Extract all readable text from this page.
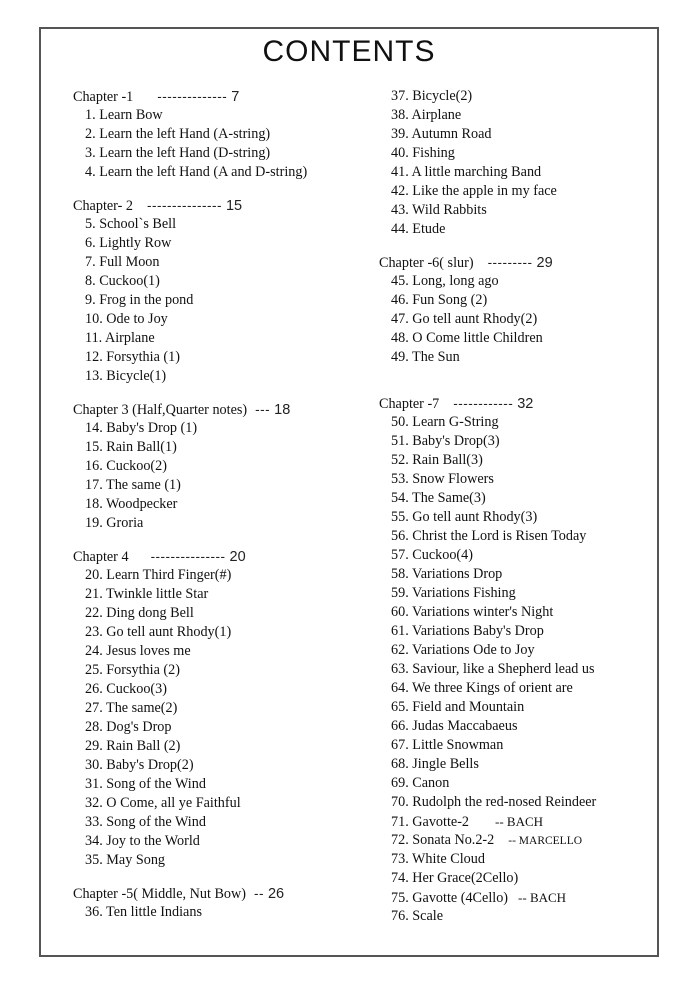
CONTENTS
Chapter -1 -------------- 7
1. Learn Bow
2. Learn the left Hand (A-string)
3. Learn the left Hand (D-string)
4. Learn the left Hand (A and D-string)
Chapter- 2 --------------- 15
5. School`s Bell
6. Lightly Row
7. Full Moon
8. Cuckoo(1)
9. Frog in the pond
10. Ode to Joy
11. Airplane
12. Forsythia (1)
13. Bicycle(1)
Chapter 3 (Half,Quarter notes) --- 18
14. Baby's Drop (1)
15. Rain Ball(1)
16. Cuckoo(2)
17. The same (1)
18. Woodpecker
19. Groria
Chapter 4 --------------- 20
20. Learn Third Finger(#)
21. Twinkle little Star
22. Ding dong Bell
23. Go tell aunt Rhody(1)
24. Jesus loves me
25. Forsythia (2)
26. Cuckoo(3)
27. The same(2)
28. Dog's Drop
29. Rain Ball (2)
30. Baby's Drop(2)
31. Song of the Wind
32. O Come, all ye Faithful
33. Song of the Wind
34. Joy to the World
35. May Song
Chapter -5( Middle, Nut Bow) -- 26
36. Ten little Indians
37. Bicycle(2)
38. Airplane
39. Autumn Road
40. Fishing
41. A little marching Band
42. Like the apple in my face
43. Wild Rabbits
44. Etude
Chapter -6( slur) --------- 29
45. Long, long ago
46. Fun Song (2)
47. Go tell aunt Rhody(2)
48. O Come little Children
49. The Sun
Chapter -7 ------------ 32
50. Learn G-String
51. Baby's Drop(3)
52. Rain Ball(3)
53. Snow Flowers
54. The Same(3)
55. Go tell aunt Rhody(3)
56. Christ the Lord is Risen Today
57. Cuckoo(4)
58. Variations Drop
59. Variations Fishing
60. Variations winter's Night
61. Variations Baby's Drop
62. Variations Ode to Joy
63. Saviour, like a Shepherd lead us
64. We three Kings of orient are
65. Field and Mountain
66. Judas Maccabaeus
67. Little Snowman
68. Jingle Bells
69. Canon
70. Rudolph the red-nosed Reindeer
71. Gavotte-2 -- BACH
72. Sonata No.2-2 -- MARCELLO
73. White Cloud
74. Her Grace(2Cello)
75. Gavotte (4Cello) -- BACH
76. Scale
